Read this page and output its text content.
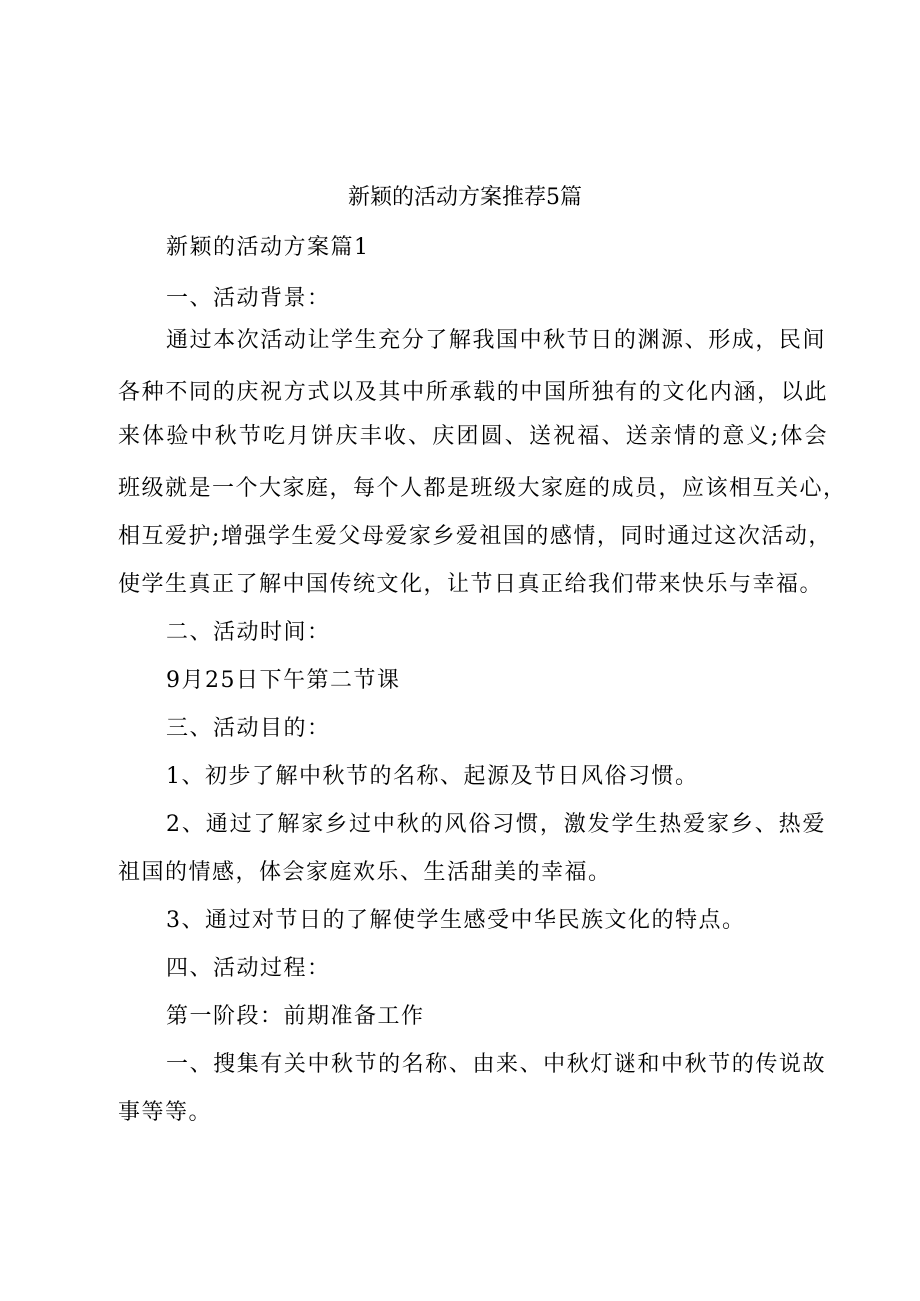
新颖的活动方案推荐5篇

新颖的活动方案篇1

一、活动背景：

通过本次活动让学生充分了解我国中秋节日的渊源、形成，民间

各种不同的庆祝方式以及其中所承载的中国所独有的文化内涵，以此

来体验中秋节吃月饼庆丰收、庆团圆、送祝福、送亲情的意义;体会

班级就是一个大家庭，每个人都是班级大家庭的成员，应该相互关心，

相互爱护;增强学生爱父母爱家乡爱祖国的感情，同时通过这次活动，

使学生真正了解中国传统文化，让节日真正给我们带来快乐与幸福。

二、活动时间：

9月25日下午第二节课

三、活动目的：

1、初步了解中秋节的名称、起源及节日风俗习惯。

2、通过了解家乡过中秋的风俗习惯，激发学生热爱家乡、热爱

祖国的情感，体会家庭欢乐、生活甜美的幸福。

3、通过对节日的了解使学生感受中华民族文化的特点。

四、活动过程：

第一阶段：前期准备工作

一、搜集有关中秋节的名称、由来、中秋灯谜和中秋节的传说故

事等等。
